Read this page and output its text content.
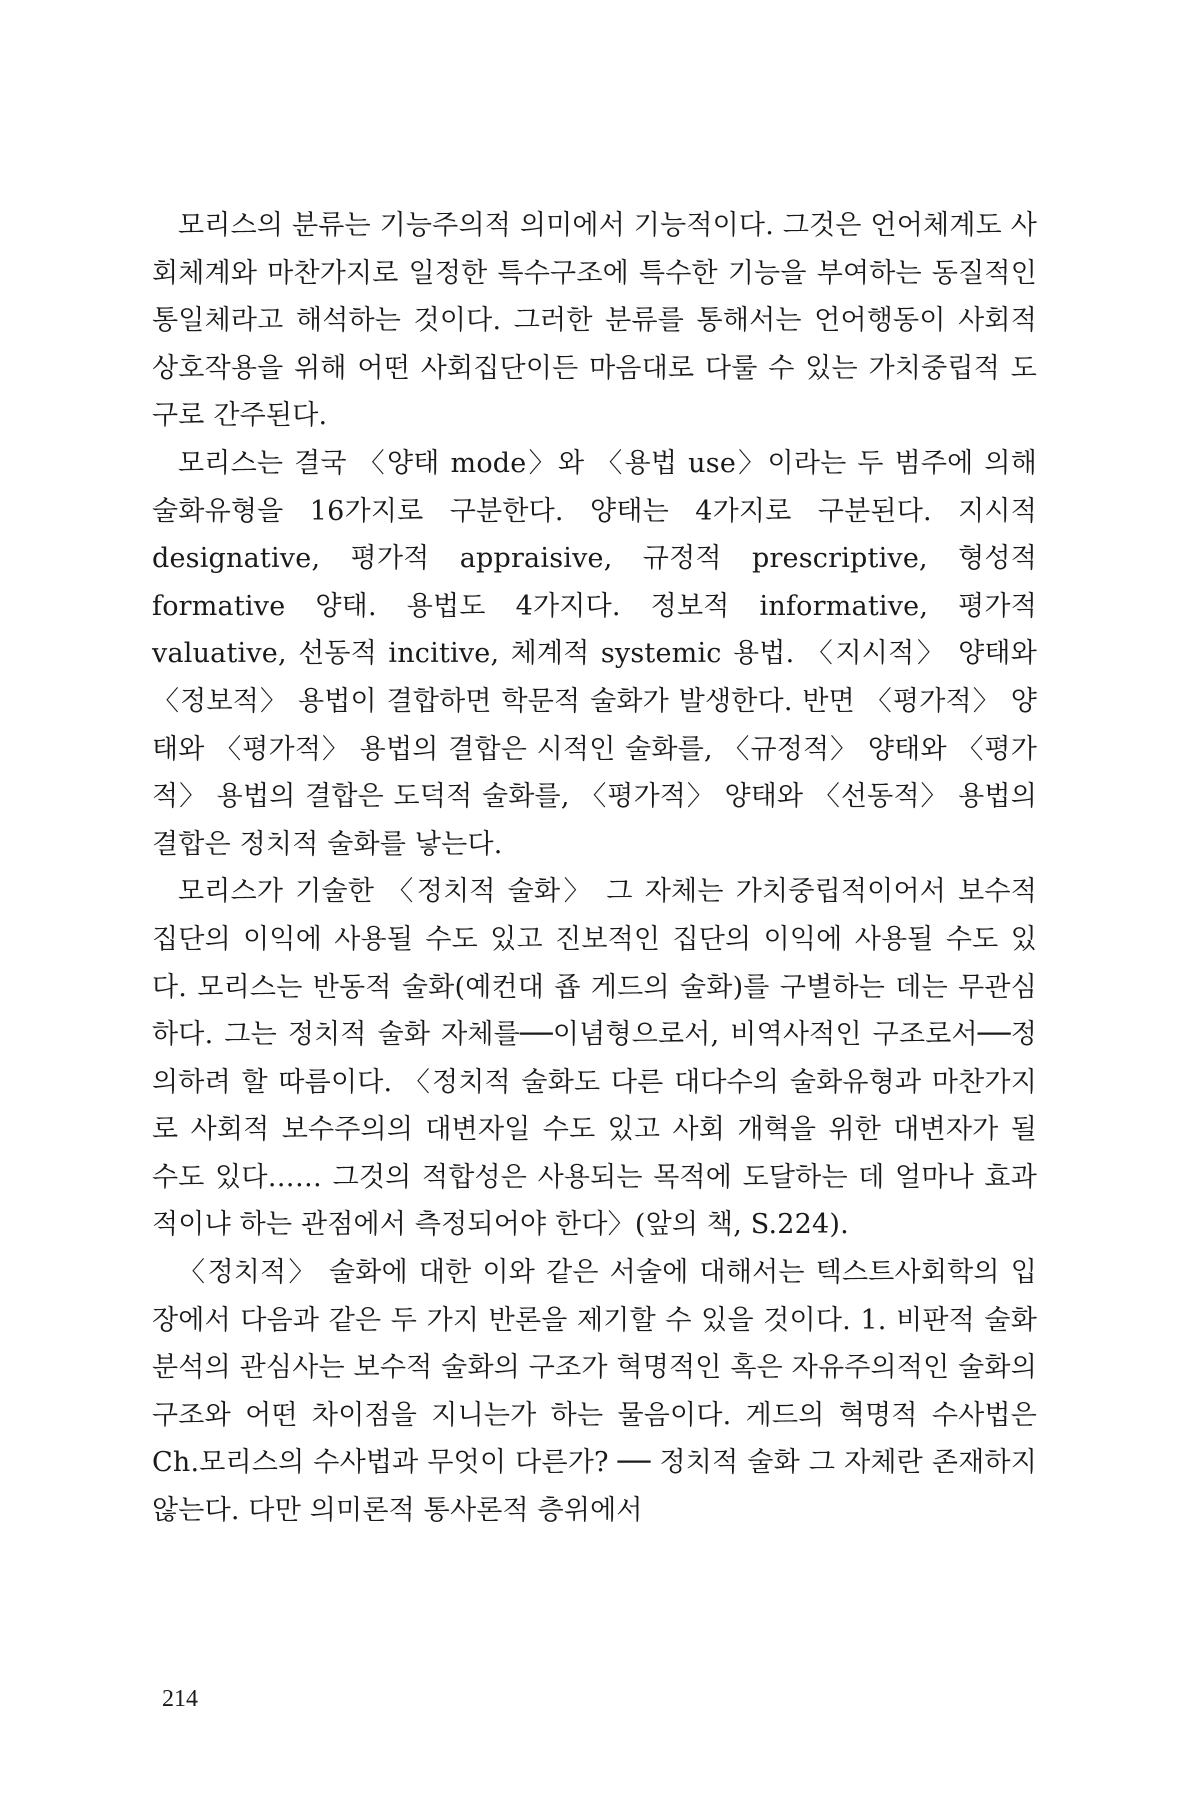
모리스의 분류는 기능주의적 의미에서 기능적이다. 그것은 언어체계도 사회체계와 마찬가지로 일정한 특수구조에 특수한 기능을 부여하는 동질적인 통일체라고 해석하는 것이다. 그러한 분류를 통해서는 언어행동이 사회적 상호작용을 위해 어떤 사회집단이든 마음대로 다룰 수 있는 가치중립적 도구로 간주된다.

모리스는 결국 〈양태 mode〉와 〈용법 use〉이라는 두 범주에 의해 술화유형을 16가지로 구분한다. 양태는 4가지로 구분된다. 지시적 designative, 평가적 appraisive, 규정적 prescriptive, 형성적 formative 양태. 용법도 4가지다. 정보적 informative, 평가적 valuative, 선동적 incitive, 체계적 systemic 용법. 〈지시적〉 양태와 〈정보적〉 용법이 결합하면 학문적 술화가 발생한다. 반면 〈평가적〉 양태와 〈평가적〉 용법의 결합은 시적인 술화를, 〈규정적〉 양태와 〈평가적〉 용법의 결합은 도덕적 술화를, 〈평가적〉 양태와 〈선동적〉 용법의 결합은 정치적 술화를 낳는다.

모리스가 기술한 〈정치적 술화〉 그 자체는 가치중립적이어서 보수적 집단의 이익에 사용될 수도 있고 진보적인 집단의 이익에 사용될 수도 있다. 모리스는 반동적 술화(예컨대 죱 게드의 술화)를 구별하는 데는 무관심하다. 그는 정치적 술화 자체를──이념형으로서, 비역사적인 구조로서──정의하려 할 따름이다. 〈정치적 술화도 다른 대다수의 술화유형과 마찬가지로 사회적 보수주의의 대변자일 수도 있고 사회 개혁을 위한 대변자가 될 수도 있다…… 그것의 적합성은 사용되는 목적에 도달하는 데 얼마나 효과적이냐 하는 관점에서 측정되어야 한다〉(앞의 책, S.224).

〈정치적〉 술화에 대한 이와 같은 서술에 대해서는 텍스트사회학의 입장에서 다음과 같은 두 가지 반론을 제기할 수 있을 것이다. 1. 비판적 술화분석의 관심사는 보수적 술화의 구조가 혁명적인 혹은 자유주의적인 술화의 구조와 어떤 차이점을 지니는가 하는 물음이다. 게드의 혁명적 수사법은 Ch.모리스의 수사법과 무엇이 다른가? ── 정치적 술화 그 자체란 존재하지 않는다. 다만 의미론적 통사론적 층위에서

214
